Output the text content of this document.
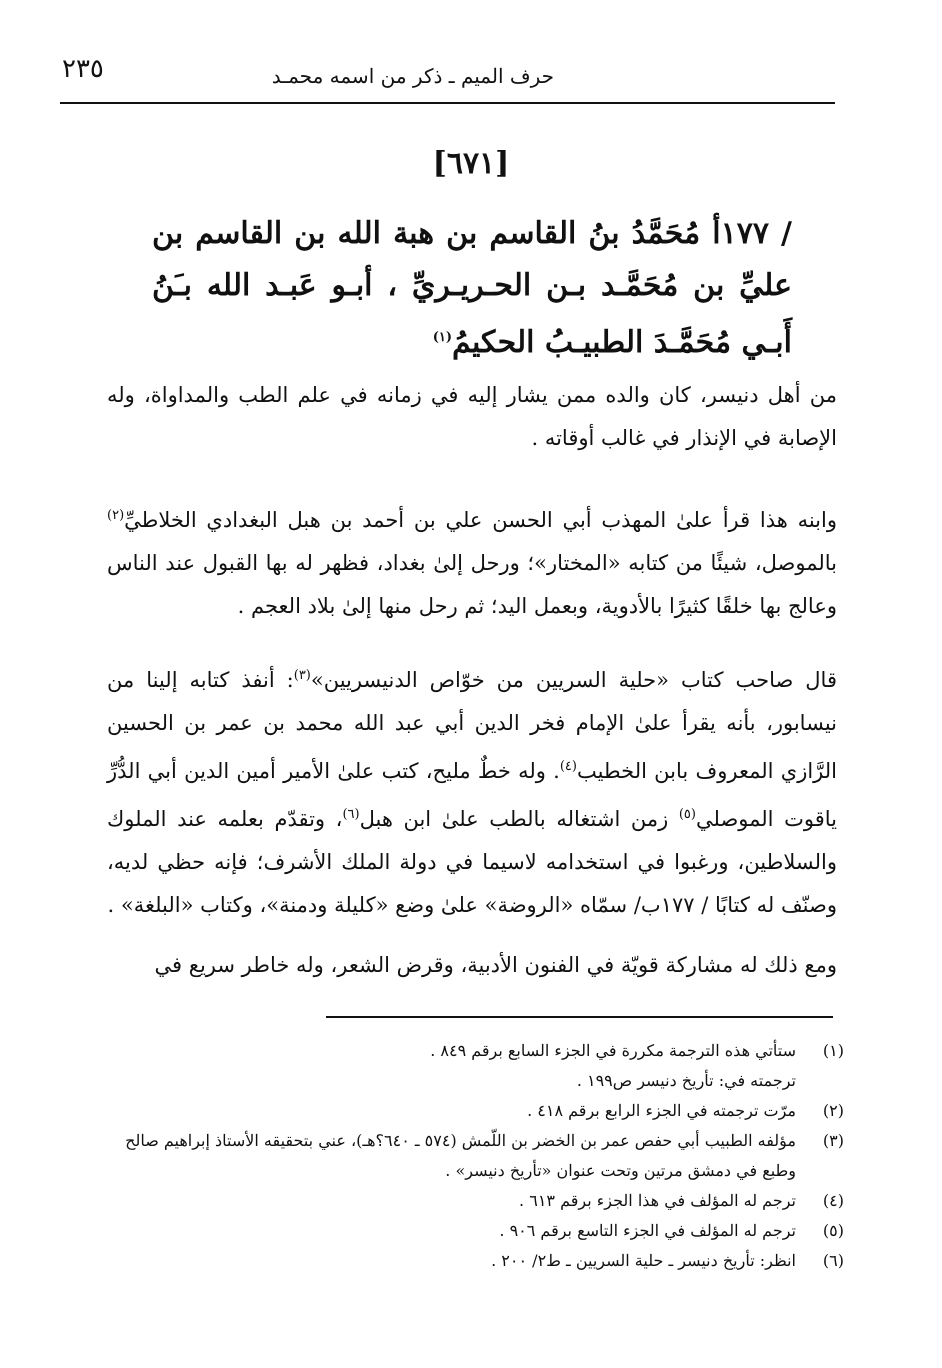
حرف الميم ـ ذكر من اسمه محمـد
٢٣٥
[٦٧١]
/ ١٧٧أ مُحَمَّدُ بنُ القاسم بن هبة الله بن القاسم بن عليِّ بن مُحَمَّـد بـن الحـريـريِّ ، أبـو عَبـد الله بـَنُ أَبـي مُحَمَّـدَ الطبيـبُ الحكيمُ$^{(١)}$
من أهل دنيسر، كان والده ممن يشار إليه في زمانه في علم الطب والمداواة، وله الإصابة في الإنذار في غالب أوقاته .
وابنه هذا قرأ علىٰ المهذب أبي الحسن علي بن أحمد بن هبل البغدادي الخلاطيِّ$^{(٢)}$ بالموصل، شيئًا من كتابه «المختار»؛ ورحل إلىٰ بغداد، فظهر له بها القبول عند الناس وعالج بها خلقًا كثيرًا بالأدوية، وبعمل اليد؛ ثم رحل منها إلىٰ بلاد العجم .
قال صاحب كتاب «حلية السريين من خوّاص الدنيسريين»$^{(٣)}$: أنفذ كتابه إلينا من نيسابور، بأنه يقرأ علىٰ الإمام فخر الدين أبي عبد الله محمد بن عمر بن الحسين الرَّازي المعروف بابن الخطيب$^{(٤)}$. وله خطٌ مليح، كتب علىٰ الأمير أمين الدين أبي الدُّرِّ ياقوت الموصلي$^{(٥)}$ زمن اشتغاله بالطب علىٰ ابن هبل$^{(٦)}$، وتقدّم بعلمه عند الملوك والسلاطين، ورغبوا في استخدامه لاسيما في دولة الملك الأشرف؛ فإنه حظي لديه، وصنّف له كتابًا / ١٧٧ب/ سمّاه «الروضة» علىٰ وضع «كليلة ودمنة»، وكتاب «البلغة» .
ومع ذلك له مشاركة قويّة في الفنون الأدبية، وقرض الشعر، وله خاطر سريع في
(١)
ستأتي هذه الترجمة مكررة في الجزء السابع برقم ٨٤٩ .
ترجمته في: تأريخ دنيسر ص١٩٩ .
(٢)
مرّت ترجمته في الجزء الرابع برقم ٤١٨ .
(٣)
مؤلفه الطبيب أبي حفص عمر بن الخضر بن اللّمش (٥٧٤ ـ ٦٤٠؟هـ)، عني بتحقيقه الأستاذ إبراهيم صالح وطبع في دمشق مرتين وتحت عنوان «تأريخ دنيسر» .
(٤)
ترجم له المؤلف في هذا الجزء برقم ٦١٣ .
(٥)
ترجم له المؤلف في الجزء التاسع برقم ٩٠٦ .
(٦)
انظر: تأريخ دنيسر ـ حلية السريين ـ ط٢/ ٢٠٠ .
